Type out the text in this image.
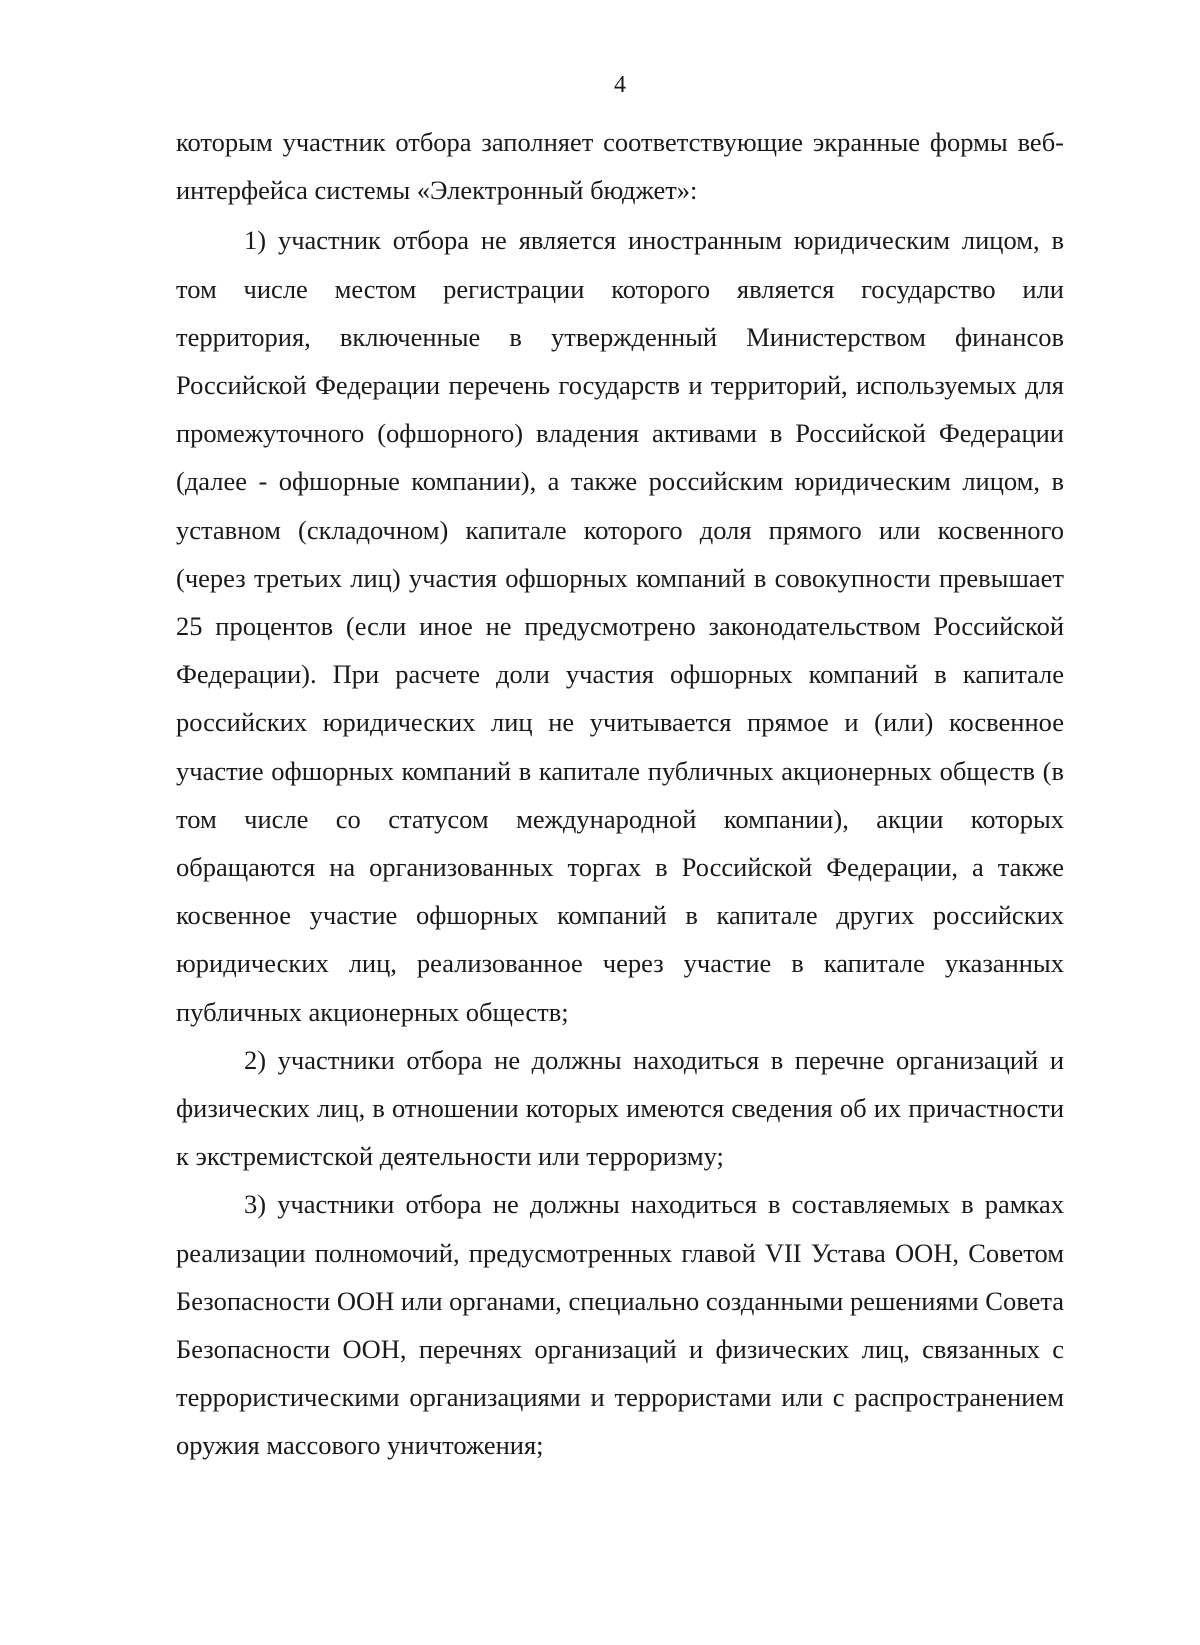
4

которым участник отбора заполняет соответствующие экранные формы веб-интерфейса системы «Электронный бюджет»:

1) участник отбора не является иностранным юридическим лицом, в том числе местом регистрации которого является государство или территория, включенные в утвержденный Министерством финансов Российской Федерации перечень государств и территорий, используемых для промежуточного (офшорного) владения активами в Российской Федерации (далее - офшорные компании), а также российским юридическим лицом, в уставном (складочном) капитале которого доля прямого или косвенного (через третьих лиц) участия офшорных компаний в совокупности превышает 25 процентов (если иное не предусмотрено законодательством Российской Федерации). При расчете доли участия офшорных компаний в капитале российских юридических лиц не учитывается прямое и (или) косвенное участие офшорных компаний в капитале публичных акционерных обществ (в том числе со статусом международной компании), акции которых обращаются на организованных торгах в Российской Федерации, а также косвенное участие офшорных компаний в капитале других российских юридических лиц, реализованное через участие в капитале указанных публичных акционерных обществ;

2) участники отбора не должны находиться в перечне организаций и физических лиц, в отношении которых имеются сведения об их причастности к экстремистской деятельности или терроризму;

3) участники отбора не должны находиться в составляемых в рамках реализации полномочий, предусмотренных главой VII Устава ООН, Советом Безопасности ООН или органами, специально созданными решениями Совета Безопасности ООН, перечнях организаций и физических лиц, связанных с террористическими организациями и террористами или с распространением оружия массового уничтожения;
